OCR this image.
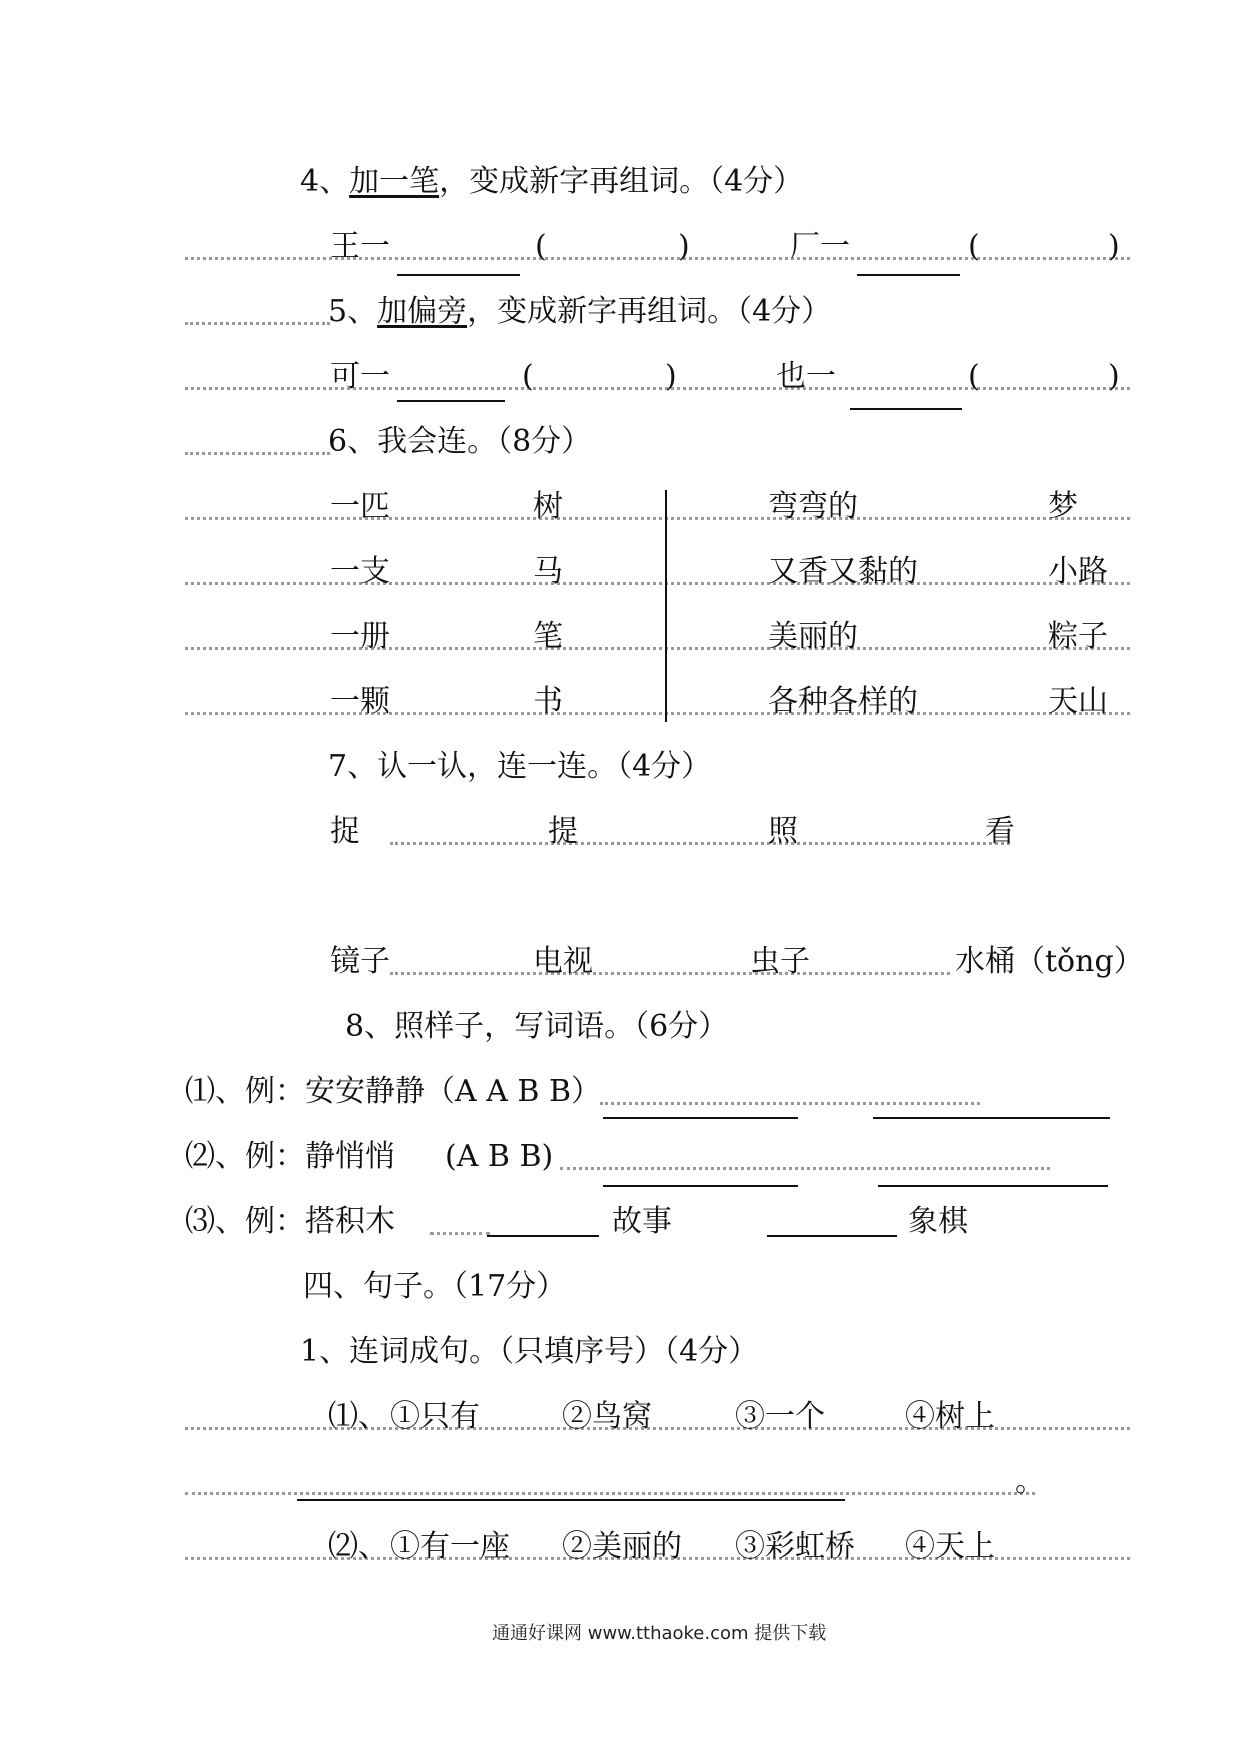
4、加一笔，变成新字再组词。（4分）
王一	(	)	厂一	(	)
5、加偏旁，变成新字再组词。（4分）
可一	(	)	也一	(	)
6、我会连。（8分）
一匹	树	弯弯的	梦
一支	马	又香又黏的	小路
一册	笔	美丽的	粽子
一颗	书	各种各样的	天山
7、认一认，连一连。（4分）
捉	提	照	看
镜子	电视	虫子	水桶（tǒng）
8、照样子，写词语。（6分）
⑴、例：安安静静（A A B B）
⑵、例：静悄悄 (A B B)
⑶、例：搭积木	故事	象棋
四、句子。（17分）
1、连词成句。（只填序号）（4分）
⑴、 ①只有	②鸟窝	③一个	④树上
。
⑵、 ①有一座 ②美丽的 ③彩虹桥 ④天上
通通好课网 www.tthaoke.com 提供下载
